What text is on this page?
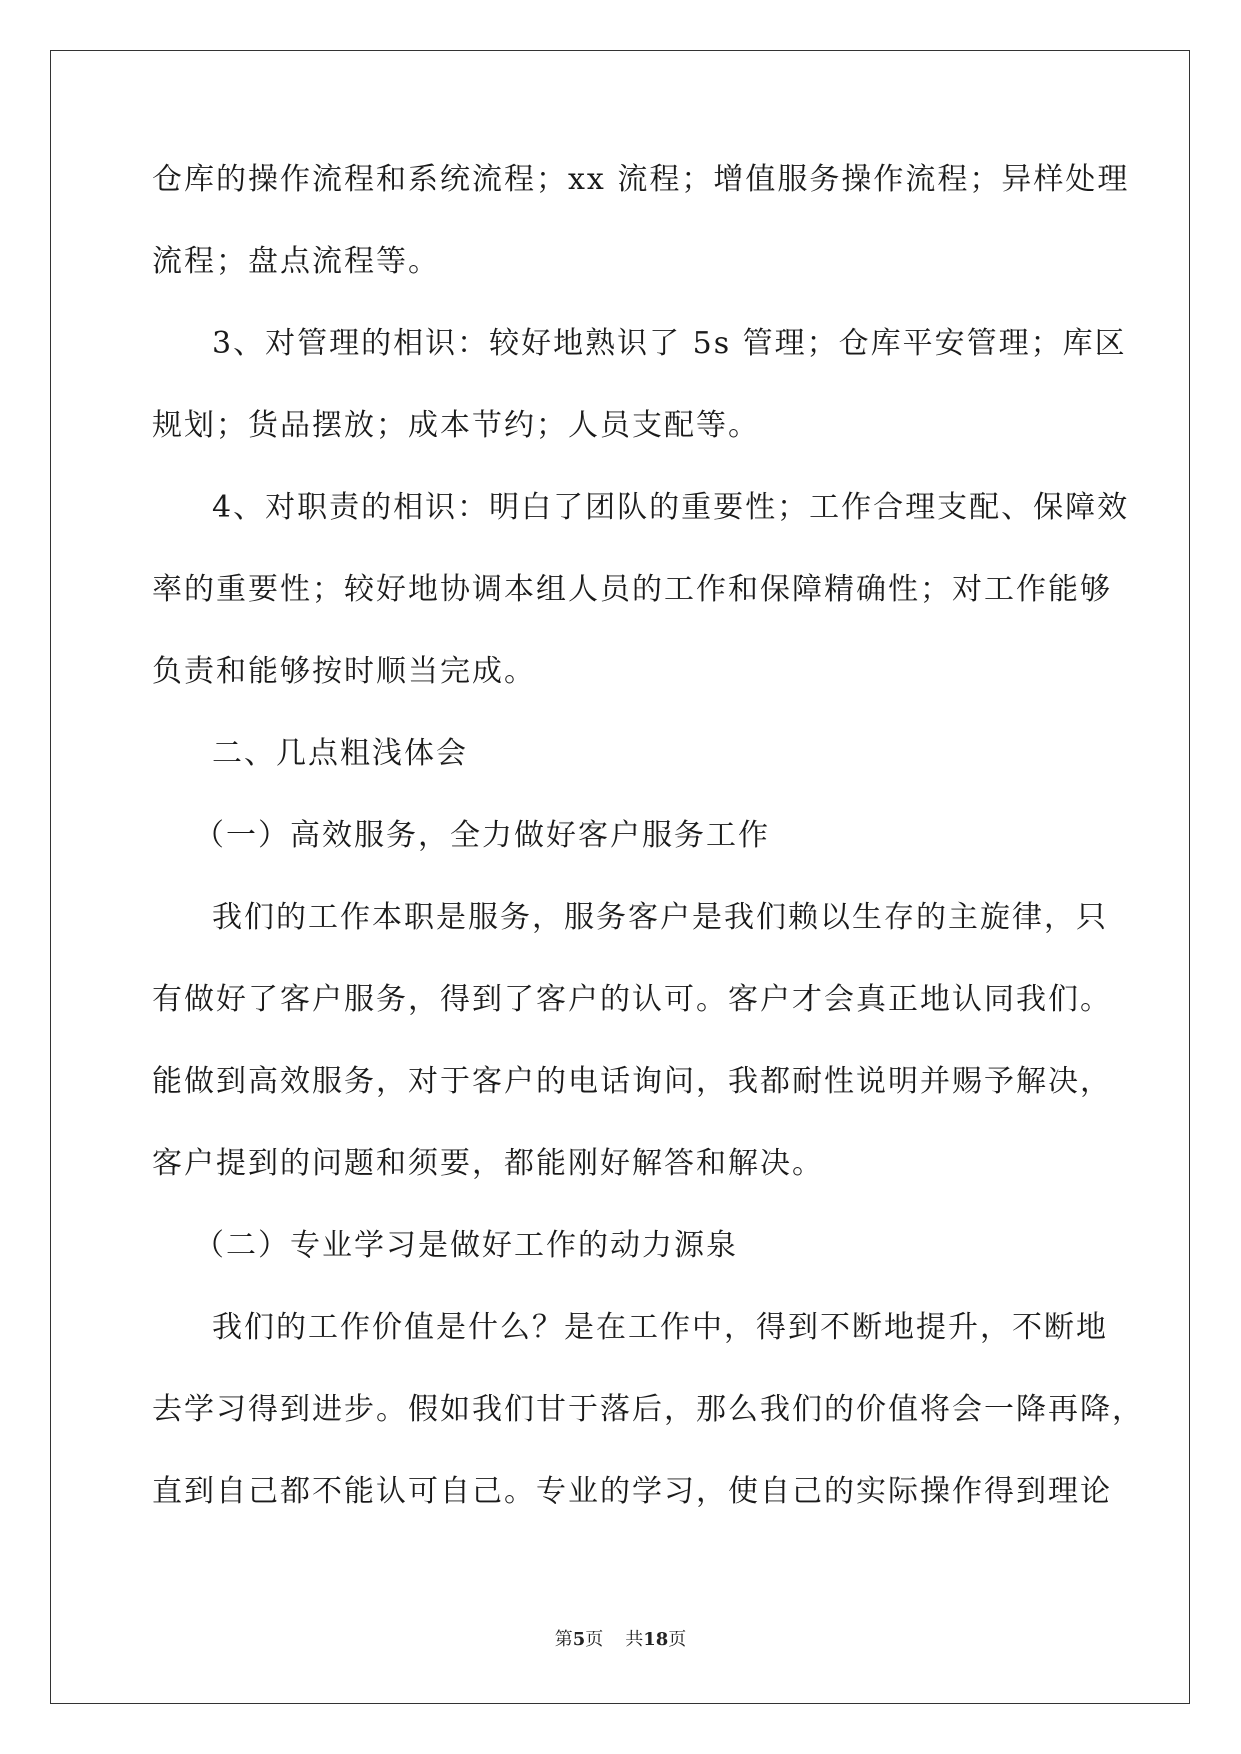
仓库的操作流程和系统流程；xx 流程；增值服务操作流程；异样处理
流程；盘点流程等。
3、对管理的相识：较好地熟识了 5s 管理；仓库平安管理；库区
规划；货品摆放；成本节约；人员支配等。
4、对职责的相识：明白了团队的重要性；工作合理支配、保障效
率的重要性；较好地协调本组人员的工作和保障精确性；对工作能够
负责和能够按时顺当完成。
二、几点粗浅体会
（一）高效服务，全力做好客户服务工作
我们的工作本职是服务，服务客户是我们赖以生存的主旋律，只
有做好了客户服务，得到了客户的认可。客户才会真正地认同我们。
能做到高效服务，对于客户的电话询问，我都耐性说明并赐予解决，
客户提到的问题和须要，都能刚好解答和解决。
（二）专业学习是做好工作的动力源泉
我们的工作价值是什么？是在工作中，得到不断地提升，不断地
去学习得到进步。假如我们甘于落后，那么我们的价值将会一降再降，
直到自己都不能认可自己。专业的学习，使自己的实际操作得到理论
第5页 共18页
